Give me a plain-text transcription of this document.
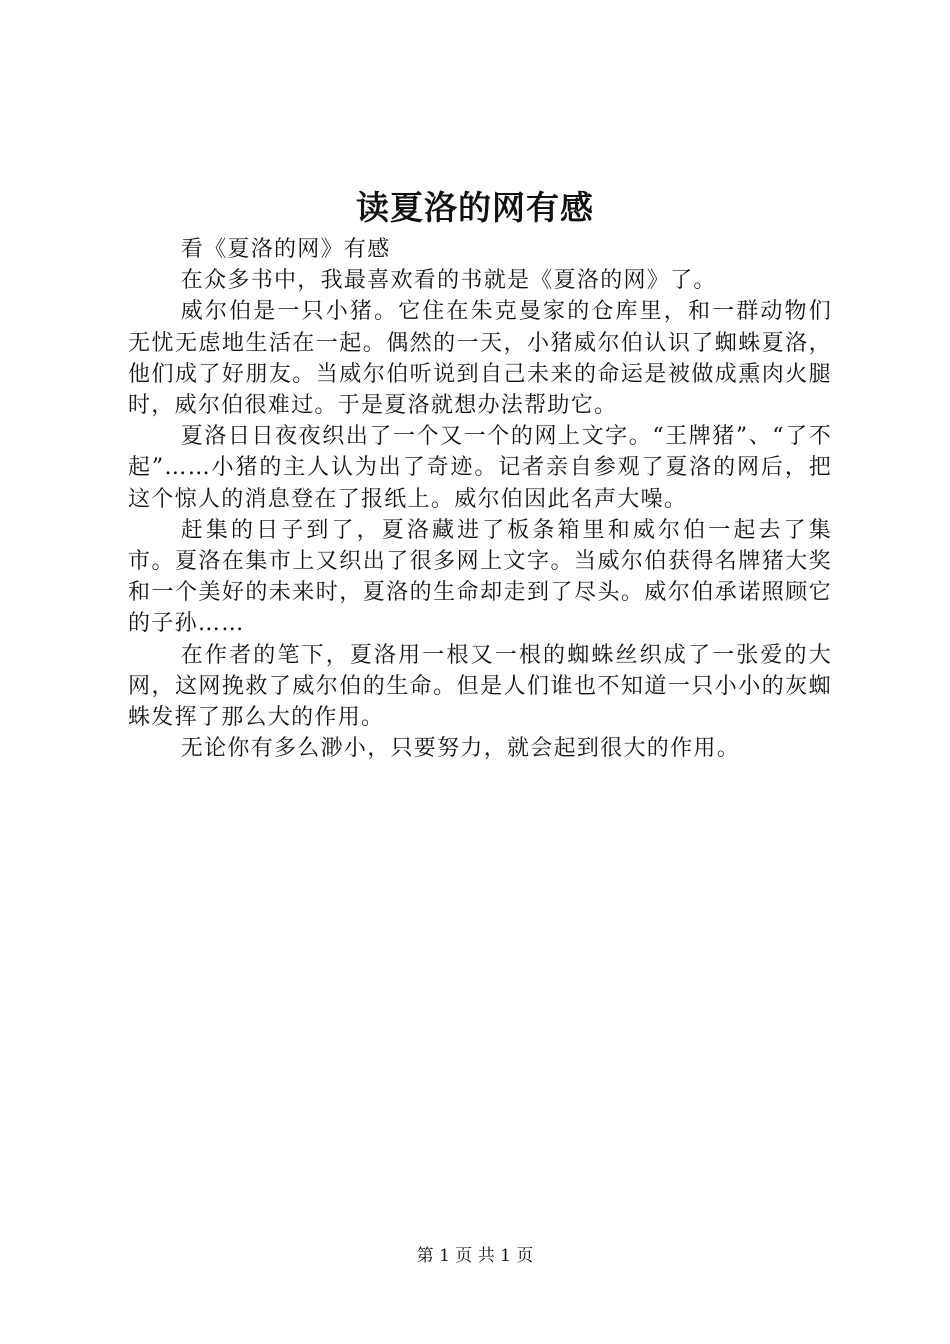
读夏洛的网有感

看《夏洛的网》有感

在众多书中，我最喜欢看的书就是《夏洛的网》了。

威尔伯是一只小猪。它住在朱克曼家的仓库里，和一群动物们无忧无虑地生活在一起。偶然的一天，小猪威尔伯认识了蜘蛛夏洛，他们成了好朋友。当威尔伯听说到自己未来的命运是被做成熏肉火腿时，威尔伯很难过。于是夏洛就想办法帮助它。

夏洛日日夜夜织出了一个又一个的网上文字。“王牌猪”、“了不起”……小猪的主人认为出了奇迹。记者亲自参观了夏洛的网后，把这个惊人的消息登在了报纸上。威尔伯因此名声大噪。

赶集的日子到了，夏洛藏进了板条箱里和威尔伯一起去了集市。夏洛在集市上又织出了很多网上文字。当威尔伯获得名牌猪大奖和一个美好的未来时，夏洛的生命却走到了尽头。威尔伯承诺照顾它的子孙……

在作者的笔下，夏洛用一根又一根的蜘蛛丝织成了一张爱的大网，这网挽救了威尔伯的生命。但是人们谁也不知道一只小小的灰蜘蛛发挥了那么大的作用。

无论你有多么渺小，只要努力，就会起到很大的作用。

第 1 页 共 1 页
